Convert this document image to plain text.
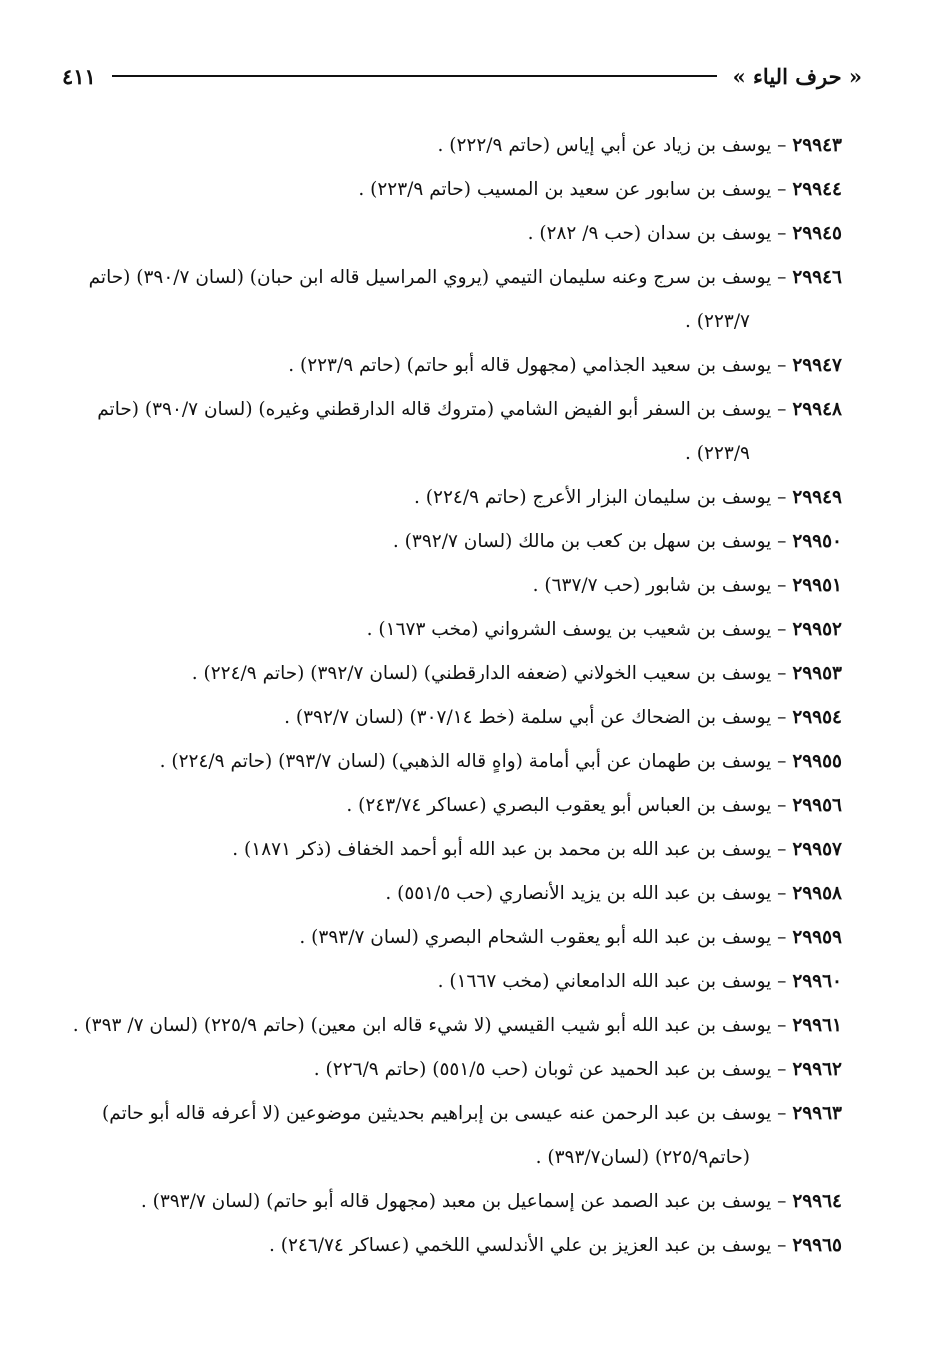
« حرف الياء »
٤١١

٢٩٩٤٣ – يوسف بن زياد عن أبي إياس (حاتم ٢٢٢/٩) .

٢٩٩٤٤ – يوسف بن سابور عن سعيد بن المسيب (حاتم ٢٢٣/٩) .

٢٩٩٤٥ – يوسف بن سدان (حب ٩/ ٢٨٢) .

٢٩٩٤٦ – يوسف بن سرج وعنه سليمان التيمي (يروي المراسيل قاله ابن حبان) (لسان ٣٩٠/٧) (حاتم ٢٢٣/٧) .

٢٩٩٤٧ – يوسف بن سعيد الجذامي (مجهول قاله أبو حاتم) (حاتم ٢٢٣/٩) .

٢٩٩٤٨ – يوسف بن السفر أبو الفيض الشامي (متروك قاله الدارقطني وغيره) (لسان ٣٩٠/٧) (حاتم ٢٢٣/٩) .

٢٩٩٤٩ – يوسف بن سليمان البزار الأعرج (حاتم ٢٢٤/٩) .

٢٩٩٥٠ – يوسف بن سهل بن كعب بن مالك (لسان ٣٩٢/٧) .

٢٩٩٥١ – يوسف بن شابور (حب ٦٣٧/٧) .

٢٩٩٥٢ – يوسف بن شعيب بن يوسف الشرواني (مخب ١٦٧٣) .

٢٩٩٥٣ – يوسف بن سعيب الخولاني (ضعفه الدارقطني) (لسان ٣٩٢/٧) (حاتم ٢٢٤/٩) .

٢٩٩٥٤ – يوسف بن الضحاك عن أبي سلمة (خط ٣٠٧/١٤) (لسان ٣٩٢/٧) .

٢٩٩٥٥ – يوسف بن طهمان عن أبي أمامة (واهٍ قاله الذهبي) (لسان ٣٩٣/٧) (حاتم ٢٢٤/٩) .

٢٩٩٥٦ – يوسف بن العباس أبو يعقوب البصري (عساكر ٢٤٣/٧٤) .

٢٩٩٥٧ – يوسف بن عبد الله بن محمد بن عبد الله أبو أحمد الخفاف (ذكر ١٨٧١) .

٢٩٩٥٨ – يوسف بن عبد الله بن يزيد الأنصاري (حب ٥٥١/٥) .

٢٩٩٥٩ – يوسف بن عبد الله أبو يعقوب الشحام البصري (لسان ٣٩٣/٧) .

٢٩٩٦٠ – يوسف بن عبد الله الدامعاني (مخب ١٦٦٧) .

٢٩٩٦١ – يوسف بن عبد الله أبو شيب القيسي (لا شيء قاله ابن معين) (حاتم ٢٢٥/٩) (لسان ٧/ ٣٩٣) .

٢٩٩٦٢ – يوسف بن عبد الحميد عن ثوبان (حب ٥٥١/٥) (حاتم ٢٢٦/٩) .

٢٩٩٦٣ – يوسف بن عبد الرحمن عنه عيسى بن إبراهيم بحديثين موضوعين (لا أعرفه قاله أبو حاتم) (حاتم٢٢٥/٩) (لسان٣٩٣/٧) .

٢٩٩٦٤ – يوسف بن عبد الصمد عن إسماعيل بن معبد (مجهول قاله أبو حاتم) (لسان ٣٩٣/٧) .

٢٩٩٦٥ – يوسف بن عبد العزيز بن علي الأندلسي اللخمي (عساكر ٢٤٦/٧٤) .
